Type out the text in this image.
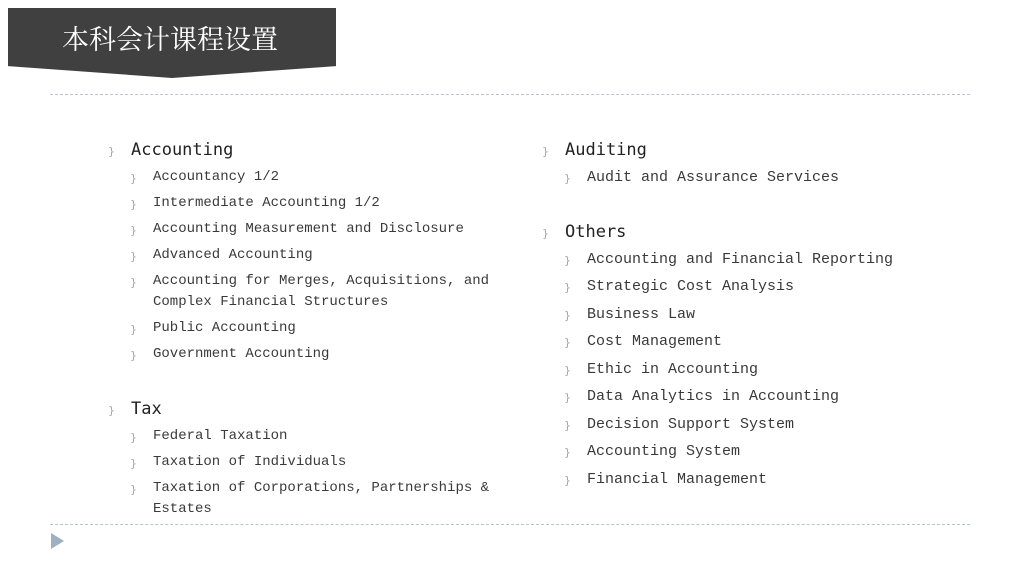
本科会计课程设置
} Accounting
} Accountancy 1/2
} Intermediate Accounting 1/2
} Accounting Measurement and Disclosure
} Advanced Accounting
} Accounting for Merges, Acquisitions, and Complex Financial Structures
} Public Accounting
} Government Accounting
} Tax
} Federal Taxation
} Taxation of Individuals
} Taxation of Corporations, Partnerships & Estates
} Auditing
} Audit and Assurance Services
} Others
} Accounting and Financial Reporting
} Strategic Cost Analysis
} Business Law
} Cost Management
} Ethic in Accounting
} Data Analytics in Accounting
} Decision Support System
} Accounting System
} Financial Management
